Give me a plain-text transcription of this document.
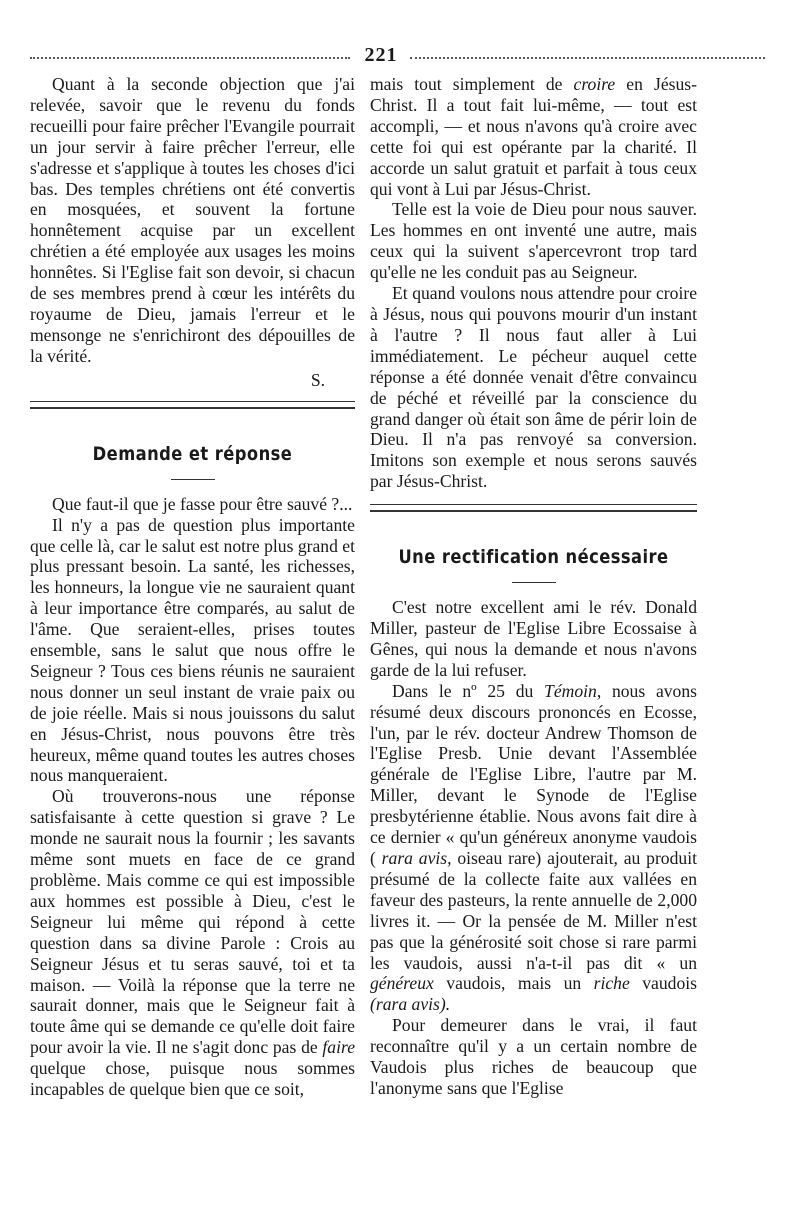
221

Quant à la seconde objection que j'ai relevée, savoir que le revenu du fonds recueilli pour faire prêcher l'Evangile pourrait un jour servir à faire prêcher l'erreur, elle s'adresse et s'applique à toutes les choses d'ici bas. Des temples chrétiens ont été convertis en mosquées, et souvent la fortune honnêtement acquise par un excellent chrétien a été employée aux usages les moins honnêtes. Si l'Eglise fait son devoir, si chacun de ses membres prend à cœur les intérêts du royaume de Dieu, jamais l'erreur et le mensonge ne s'enrichiront des dépouilles de la vérité.

S.
Demande et réponse

Que faut-il que je fasse pour être sauvé ?...

Il n'y a pas de question plus importante que celle là, car le salut est notre plus grand et plus pressant besoin. La santé, les richesses, les honneurs, la longue vie ne sauraient quant à leur importance être comparés, au salut de l'âme. Que seraient-elles, prises toutes ensemble, sans le salut que nous offre le Seigneur ? Tous ces biens réunis ne sauraient nous donner un seul instant de vraie paix ou de joie réelle. Mais si nous jouissons du salut en Jésus-Christ, nous pouvons être très heureux, même quand toutes les autres choses nous manqueraient.

Où trouverons-nous une réponse satisfaisante à cette question si grave ? Le monde ne saurait nous la fournir ; les savants même sont muets en face de ce grand problème. Mais comme ce qui est impossible aux hommes est possible à Dieu, c'est le Seigneur lui même qui répond à cette question dans sa divine Parole : Crois au Seigneur Jésus et tu seras sauvé, toi et ta maison. — Voilà la réponse que la terre ne saurait donner, mais que le Seigneur fait à toute âme qui se demande ce qu'elle doit faire pour avoir la vie. Il ne s'agit donc pas de faire quelque chose, puisque nous sommes incapables de quelque bien que ce soit,

mais tout simplement de croire en Jésus-Christ. Il a tout fait lui-même, — tout est accompli, — et nous n'avons qu'à croire avec cette foi qui est opérante par la charité. Il accorde un salut gratuit et parfait à tous ceux qui vont à Lui par Jésus-Christ.

Telle est la voie de Dieu pour nous sauver. Les hommes en ont inventé une autre, mais ceux qui la suivent s'apercevront trop tard qu'elle ne les conduit pas au Seigneur.

Et quand voulons nous attendre pour croire à Jésus, nous qui pouvons mourir d'un instant à l'autre ? Il nous faut aller à Lui immédiatement. Le pécheur auquel cette réponse a été donnée venait d'être convaincu de péché et réveillé par la conscience du grand danger où était son âme de périr loin de Dieu. Il n'a pas renvoyé sa conversion. Imitons son exemple et nous serons sauvés par Jésus-Christ.

Une rectification nécessaire

C'est notre excellent ami le rév. Donald Miller, pasteur de l'Eglise Libre Ecossaise à Gênes, qui nous la demande et nous n'avons garde de la lui refuser.

Dans le nº 25 du Témoin, nous avons résumé deux discours prononcés en Ecosse, l'un, par le rév. docteur Andrew Thomson de l'Eglise Presb. Unie devant l'Assemblée générale de l'Eglise Libre, l'autre par M. Miller, devant le Synode de l'Eglise presbytérienne établie. Nous avons fait dire à ce dernier « qu'un généreux anonyme vaudois ( rara avis, oiseau rare) ajouterait, au produit présumé de la collecte faite aux vallées en faveur des pasteurs, la rente annuelle de 2,000 livres it. — Or la pensée de M. Miller n'est pas que la générosité soit chose si rare parmi les vaudois, aussi n'a-t-il pas dit « un généreux vaudois, mais un riche vaudois (rara avis).

Pour demeurer dans le vrai, il faut reconnaître qu'il y a un certain nombre de Vaudois plus riches de beaucoup que l'anonyme sans que l'Eglise
